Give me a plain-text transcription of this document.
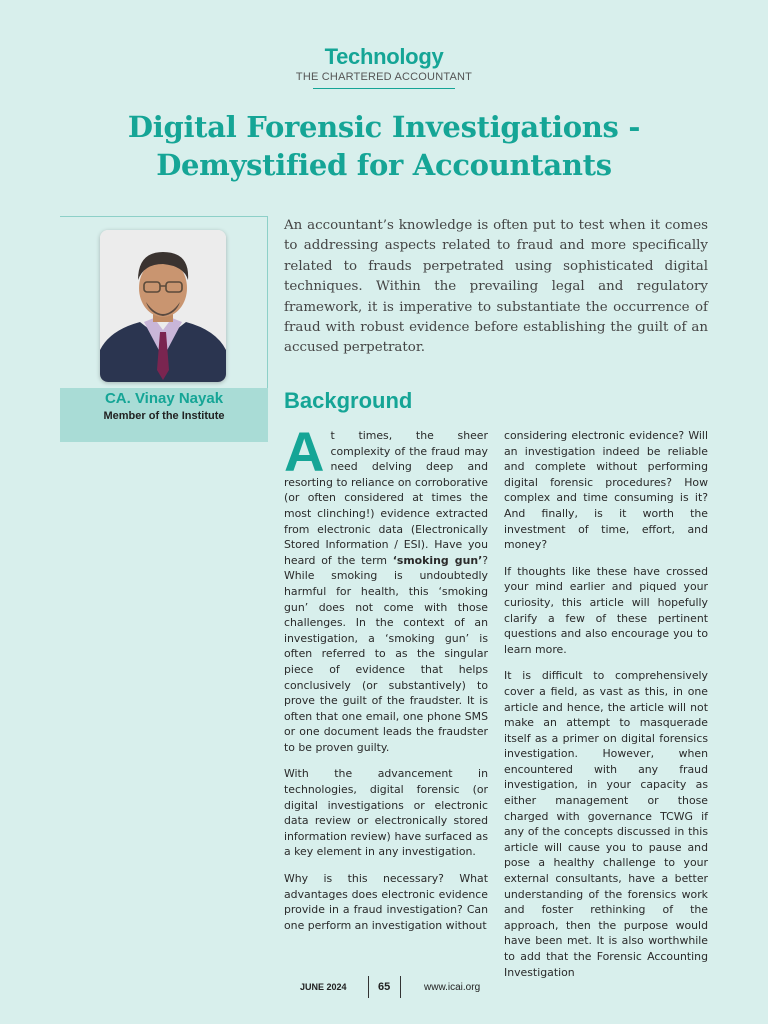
Technology
THE CHARTERED ACCOUNTANT
Digital Forensic Investigations -
Demystified for Accountants
CA. Vinay Nayak
Member of the Institute
An accountant’s knowledge is often put to test when it comes to addressing aspects related to fraud and more specifically related to frauds perpetrated using sophisticated digital techniques. Within the prevailing legal and regulatory framework, it is imperative to substantiate the occurrence of fraud with robust evidence before establishing the guilt of an accused perpetrator.
Background

At times, the sheer complexity of the fraud may need delving deep and resorting to reliance on corroborative (or often considered at times the most clinching!) evidence extracted from electronic data (Electronically Stored Information / ESI). Have you heard of the term ‘smoking gun’? While smoking is undoubtedly harmful for health, this ‘smoking gun’ does not come with those challenges. In the context of an investigation, a ‘smoking gun’ is often referred to as the singular piece of evidence that helps conclusively (or substantively) to prove the guilt of the fraudster. It is often that one email, one phone SMS or one document leads the fraudster to be proven guilty.

With the advancement in technologies, digital forensic (or digital investigations or electronic data review or electronically stored information review) have surfaced as a key element in any investigation.

Why is this necessary? What advantages does electronic evidence provide in a fraud investigation? Can one perform an investigation without

considering electronic evidence? Will an investigation indeed be reliable and complete without performing digital forensic procedures? How complex and time consuming is it? And finally, is it worth the investment of time, effort, and money?

If thoughts like these have crossed your mind earlier and piqued your curiosity, this article will hopefully clarify a few of these pertinent questions and also encourage you to learn more.

It is difficult to comprehensively cover a field, as vast as this, in one article and hence, the article will not make an attempt to masquerade itself as a primer on digital forensics investigation. However, when encountered with any fraud investigation, in your capacity as either management or those charged with governance TCWG if any of the concepts discussed in this article will cause you to pause and pose a healthy challenge to your external consultants, have a better understanding of the forensics work and foster rethinking of the approach, then the purpose would have been met. It is also worthwhile to add that the Forensic Accounting Investigation

JUNE 2024	65	www.icai.org
